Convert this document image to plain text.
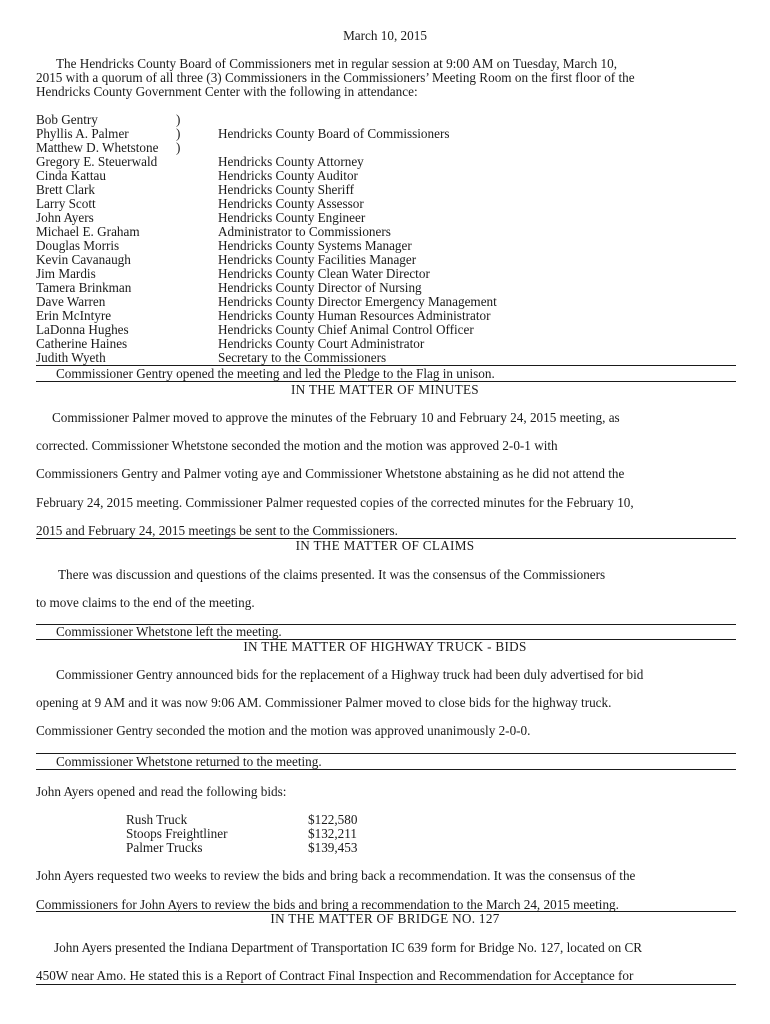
March 10, 2015
The Hendricks County Board of Commissioners met in regular session at 9:00 AM on Tuesday, March 10,
2015 with a quorum of all three (3) Commissioners in the Commissioners’ Meeting Room on the first floor of the
Hendricks County Government Center with the following in attendance:
Bob Gentry	)
Phyllis A. Palmer	)	Hendricks County Board of Commissioners
Matthew D. Whetstone )
Gregory E. Steuerwald	Hendricks County Attorney
Cinda Kattau	Hendricks County Auditor
Brett Clark	Hendricks County Sheriff
Larry Scott	Hendricks County Assessor
John Ayers	Hendricks County Engineer
Michael E. Graham	Administrator to Commissioners
Douglas Morris	Hendricks County Systems Manager
Kevin Cavanaugh	Hendricks County Facilities Manager
Jim Mardis	Hendricks County Clean Water Director
Tamera Brinkman	Hendricks County Director of Nursing
Dave Warren	Hendricks County Director Emergency Management
Erin McIntyre	Hendricks County Human Resources Administrator
LaDonna Hughes	Hendricks County Chief Animal Control Officer
Catherine Haines	Hendricks County Court Administrator
Judith Wyeth	Secretary to the Commissioners
Commissioner Gentry opened the meeting and led the Pledge to the Flag in unison.
IN THE MATTER OF MINUTES
Commissioner Palmer moved to approve the minutes of the February 10 and February 24, 2015 meeting, as
corrected. Commissioner Whetstone seconded the motion and the motion was approved 2-0-1 with
Commissioners Gentry and Palmer voting aye and Commissioner Whetstone abstaining as he did not attend the
February 24, 2015 meeting. Commissioner Palmer requested copies of the corrected minutes for the February 10,
2015 and February 24, 2015 meetings be sent to the Commissioners.
IN THE MATTER OF CLAIMS
There was discussion and questions of the claims presented. It was the consensus of the Commissioners
to move claims to the end of the meeting.
Commissioner Whetstone left the meeting.
IN THE MATTER OF HIGHWAY TRUCK - BIDS
Commissioner Gentry announced bids for the replacement of a Highway truck had been duly advertised for bid
opening at 9 AM and it was now 9:06 AM. Commissioner Palmer moved to close bids for the highway truck.
Commissioner Gentry seconded the motion and the motion was approved unanimously 2-0-0.
Commissioner Whetstone returned to the meeting.
John Ayers opened and read the following bids:
Rush Truck	$122,580
Stoops Freightliner	$132,211
Palmer Trucks	$139,453
John Ayers requested two weeks to review the bids and bring back a recommendation. It was the consensus of the
Commissioners for John Ayers to review the bids and bring a recommendation to the March 24, 2015 meeting.
IN THE MATTER OF BRIDGE NO. 127
John Ayers presented the Indiana Department of Transportation IC 639 form for Bridge No. 127, located on CR
450W near Amo. He stated this is a Report of Contract Final Inspection and Recommendation for Acceptance for
